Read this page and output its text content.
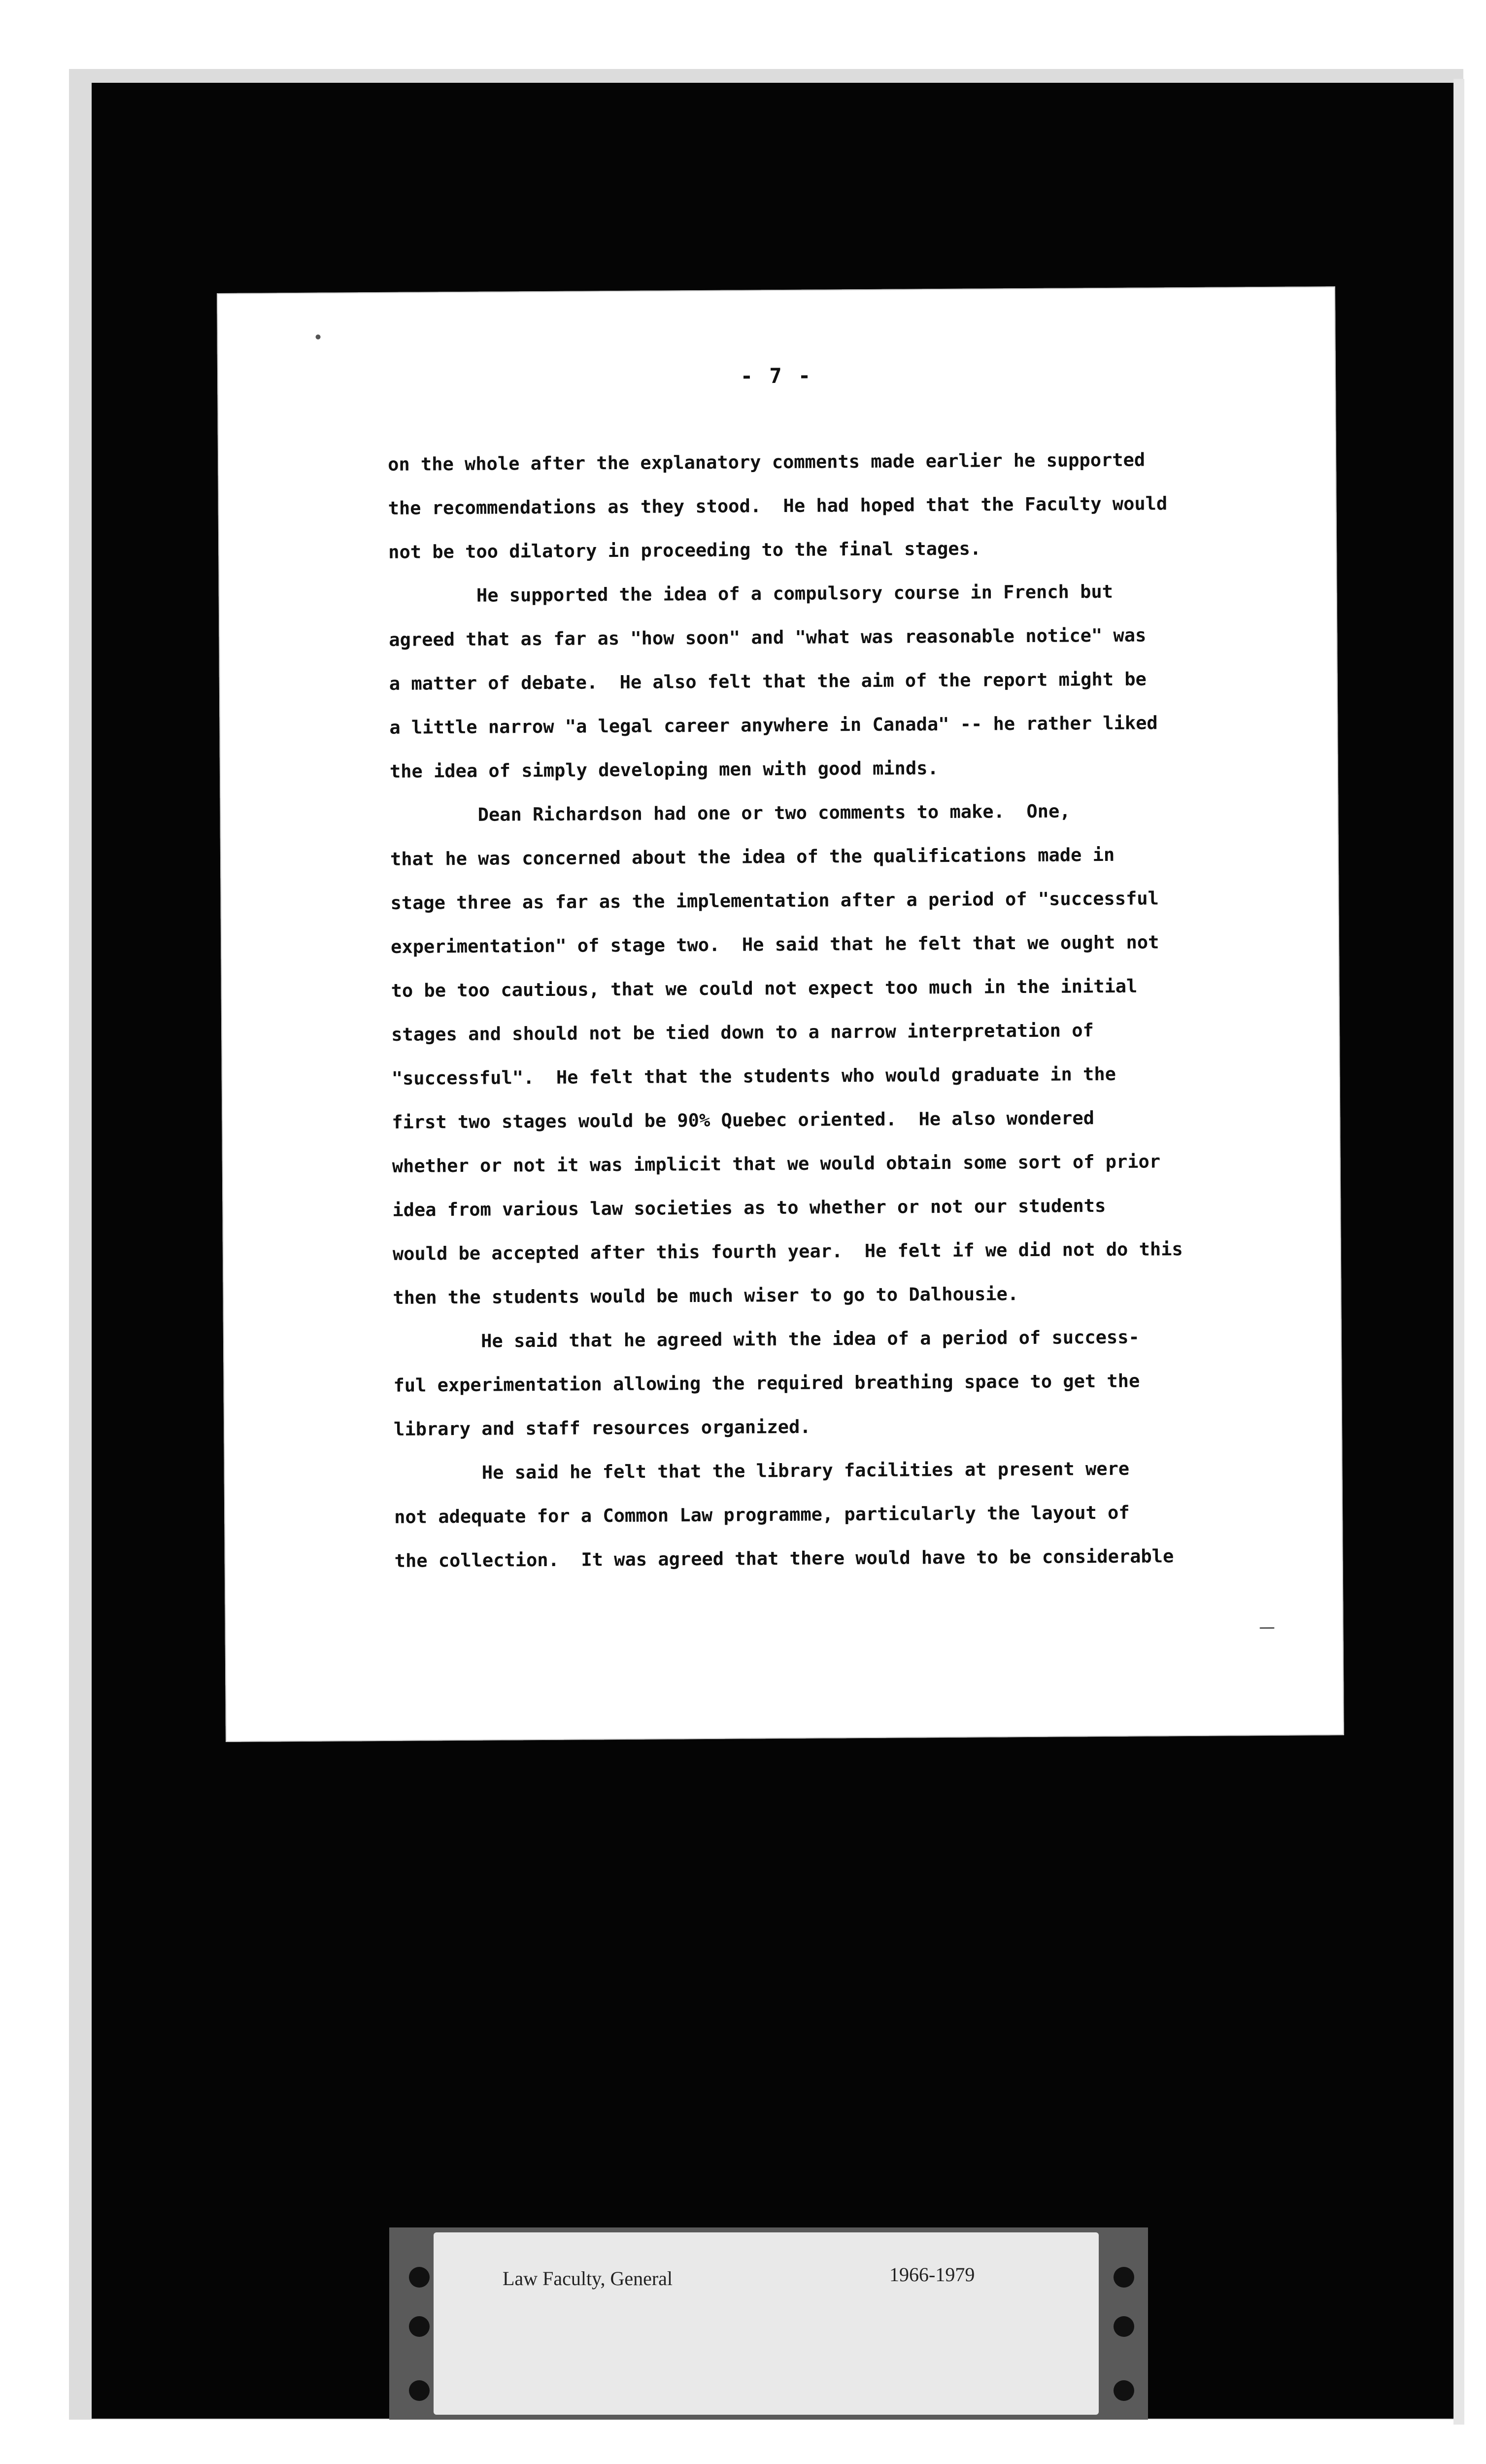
- 7 -
on the whole after the explanatory comments made earlier he supported
the recommendations as they stood.  He had hoped that the Faculty would
not be too dilatory in proceeding to the final stages.
He supported the idea of a compulsory course in French but
agreed that as far as "how soon" and "what was reasonable notice" was
a matter of debate.  He also felt that the aim of the report might be
a little narrow "a legal career anywhere in Canada" -- he rather liked
the idea of simply developing men with good minds.
Dean Richardson had one or two comments to make.  One,
that he was concerned about the idea of the qualifications made in
stage three as far as the implementation after a period of "successful
experimentation" of stage two.  He said that he felt that we ought not
to be too cautious, that we could not expect too much in the initial
stages and should not be tied down to a narrow interpretation of
"successful".  He felt that the students who would graduate in the
first two stages would be 90% Quebec oriented.  He also wondered
whether or not it was implicit that we would obtain some sort of prior
idea from various law societies as to whether or not our students
would be accepted after this fourth year.  He felt if we did not do this
then the students would be much wiser to go to Dalhousie.
He said that he agreed with the idea of a period of success-
ful experimentation allowing the required breathing space to get the
library and staff resources organized.
He said he felt that the library facilities at present were
not adequate for a Common Law programme, particularly the layout of
the collection.  It was agreed that there would have to be considerable
Law Faculty, General	1966-1979
